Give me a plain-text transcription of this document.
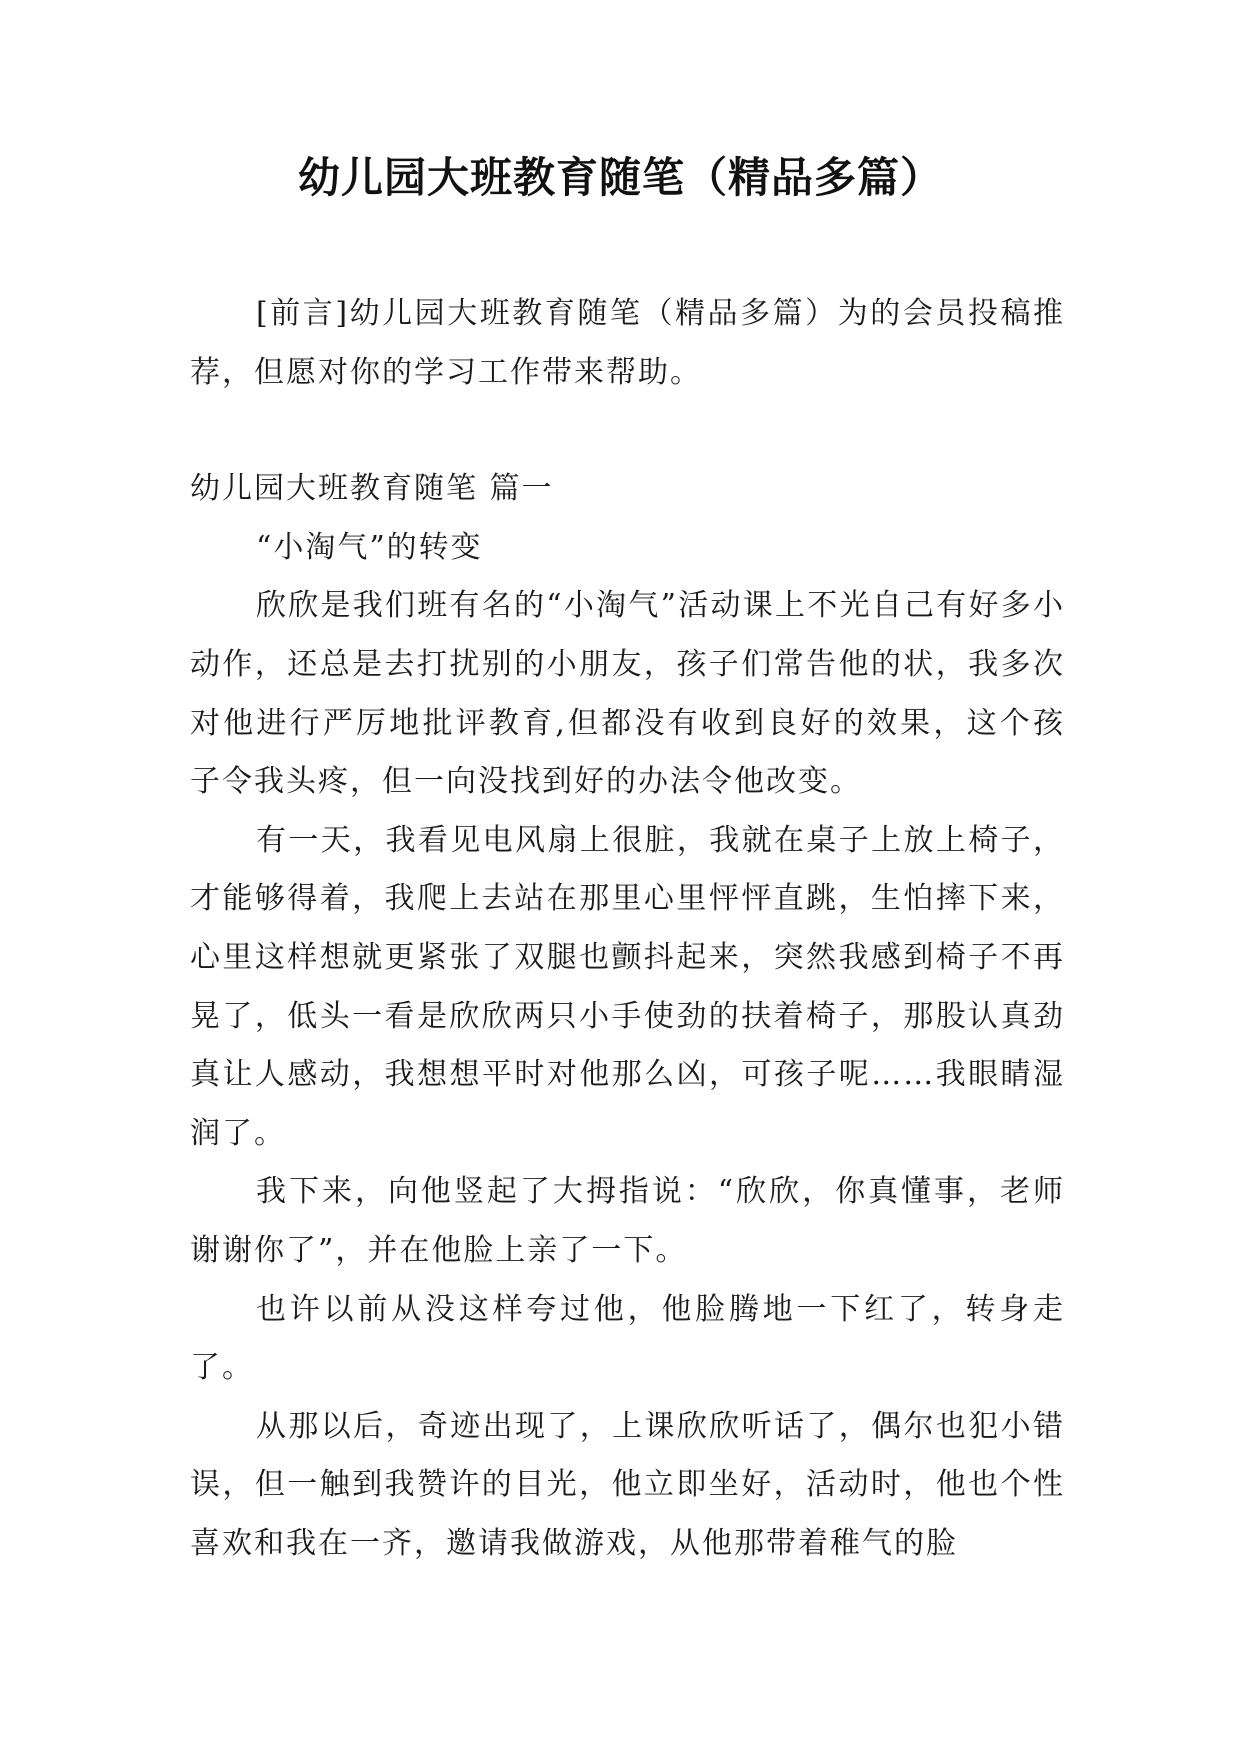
幼儿园大班教育随笔（精品多篇）

[前言]幼儿园大班教育随笔（精品多篇）为的会员投稿推荐，但愿对你的学习工作带来帮助。

幼儿园大班教育随笔 篇一

“小淘气”的转变

欣欣是我们班有名的“小淘气”活动课上不光自己有好多小动作，还总是去打扰别的小朋友，孩子们常告他的状，我多次对他进行严厉地批评教育,但都没有收到良好的效果，这个孩子令我头疼，但一向没找到好的办法令他改变。

有一天，我看见电风扇上很脏，我就在桌子上放上椅子，才能够得着，我爬上去站在那里心里怦怦直跳，生怕摔下来，心里这样想就更紧张了双腿也颤抖起来，突然我感到椅子不再晃了，低头一看是欣欣两只小手使劲的扶着椅子，那股认真劲真让人感动，我想想平时对他那么凶，可孩子呢……我眼睛湿润了。

我下来，向他竖起了大拇指说：“欣欣，你真懂事，老师谢谢你了”，并在他脸上亲了一下。

也许以前从没这样夸过他，他脸腾地一下红了，转身走了。

从那以后，奇迹出现了，上课欣欣听话了，偶尔也犯小错误，但一触到我赞许的目光，他立即坐好，活动时，他也个性喜欢和我在一齐，邀请我做游戏，从他那带着稚气的脸
